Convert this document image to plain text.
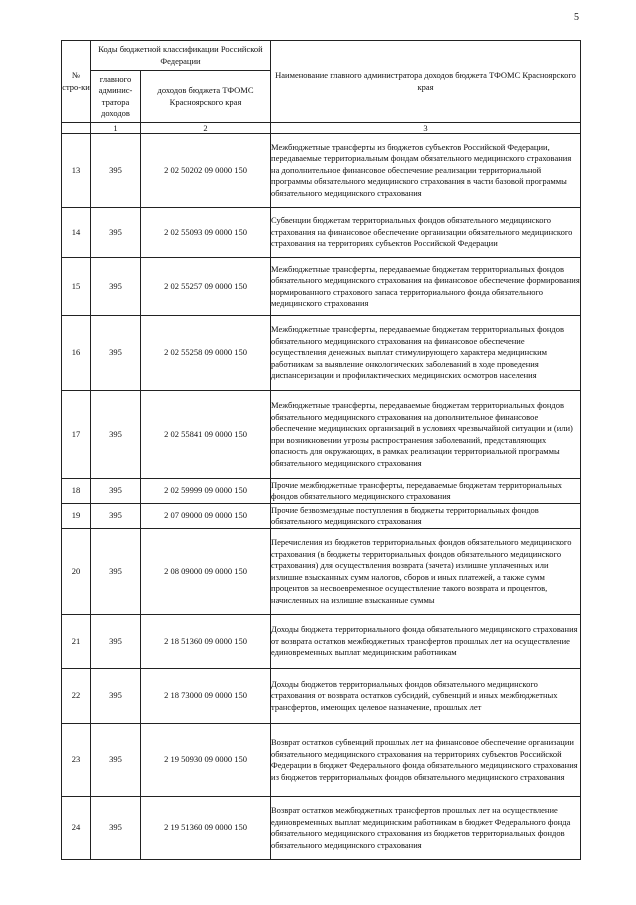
5
№ стро-ки	Коды бюджетной классификации Российской Федерации		Наименование главного администратора доходов бюджета ТФОМС Красноярского края
	главного админис-тратора доходов	доходов бюджета ТФОМС Красноярского края	
	1	2	3
13	395	2 02 50202 09 0000 150	Межбюджетные трансферты из бюджетов субъектов Российской Федерации, передаваемые территориальным фондам обязательного медицинского страхования на дополнительное финансовое обеспечение реализации территориальной программы обязательного медицинского страхования в части базовой программы обязательного медицинского страхования
14	395	2 02 55093 09 0000 150	Субвенции бюджетам территориальных фондов обязательного медицинского страхования на финансовое обеспечение организации обязательного медицинского страхования на территориях субъектов Российской Федерации
15	395	2 02 55257 09 0000 150	Межбюджетные трансферты, передаваемые бюджетам территориальных фондов обязательного медицинского страхования на финансовое обеспечение формирования нормированного страхового запаса территориального фонда обязательного медицинского страхования
16	395	2 02 55258 09 0000 150	Межбюджетные трансферты, передаваемые бюджетам территориальных фондов обязательного медицинского страхования на финансовое обеспечение осуществления денежных выплат стимулирующего характера медицинским работникам за выявление онкологических заболеваний в ходе проведения диспансеризации и профилактических медицинских осмотров населения
17	395	2 02 55841 09 0000 150	Межбюджетные трансферты, передаваемые бюджетам территориальных фондов обязательного медицинского страхования на дополнительное финансовое обеспечение медицинских организаций в условиях чрезвычайной ситуации и (или) при возникновении угрозы распространения заболеваний, представляющих опасность для окружающих, в рамках реализации территориальной программы обязательного медицинского страхования
18	395	2 02 59999 09 0000 150	Прочие межбюджетные трансферты, передаваемые бюджетам территориальных фондов обязательного медицинского страхования
19	395	2 07 09000 09 0000 150	Прочие безвозмездные поступления в бюджеты территориальных фондов обязательного медицинского страхования
20	395	2 08 09000 09 0000 150	Перечисления из бюджетов территориальных фондов обязательного медицинского страхования (в бюджеты территориальных фондов обязательного медицинского страхования) для осуществления возврата (зачета) излишне уплаченных или излишне взысканных сумм налогов, сборов и иных платежей, а также сумм процентов за несвоевременное осуществление такого возврата и процентов, начисленных на излишне взысканные суммы
21	395	2 18 51360 09 0000 150	Доходы бюджета территориального фонда обязательного медицинского страхования от возврата остатков межбюджетных трансфертов прошлых лет на осуществление единовременных выплат медицинским работникам
22	395	2 18 73000 09 0000 150	Доходы бюджетов территориальных фондов обязательного медицинского страхования от возврата остатков субсидий, субвенций и иных межбюджетных трансфертов, имеющих целевое назначение, прошлых лет
23	395	2 19 50930 09 0000 150	Возврат остатков субвенций прошлых лет на финансовое обеспечение организации обязательного медицинского страхования на территориях субъектов Российской Федерации в бюджет Федерального фонда обязательного медицинского страхования из бюджетов территориальных фондов обязательного медицинского страхования
24	395	2 19 51360 09 0000 150	Возврат остатков межбюджетных трансфертов прошлых лет на осуществление единовременных выплат медицинским работникам в бюджет Федерального фонда обязательного медицинского страхования из бюджетов территориальных фондов обязательного медицинского страхования
